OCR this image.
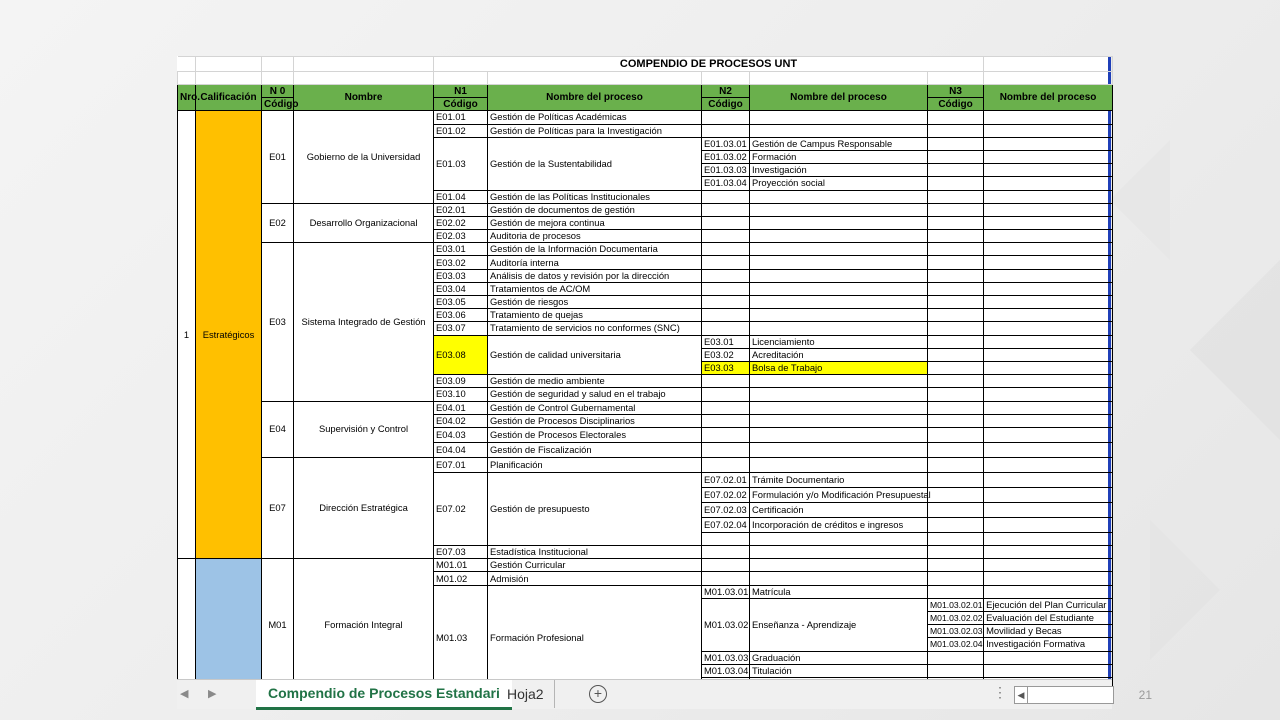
				COMPENDIO DE PROCESOS UNT					

Nro.	Calificación	N 0	Nombre	N1	Nombre del proceso	N2	Nombre del proceso	N3	Nombre del proceso
		Código		Código		Código		Código	
1	Estratégicos	E01	Gobierno de la Universidad	E01.01	Gestión de Políticas Académicas				
				E01.02	Gestión de Políticas para la Investigación				
				E01.03	Gestión de la Sustentabilidad	E01.03.01	Gestión de Campus Responsable		
						E01.03.02	Formación		
						E01.03.03	Investigación		
						E01.03.04	Proyección social		
				E01.04	Gestión de las Políticas Institucionales				
		E02	Desarrollo Organizacional	E02.01	Gestión de documentos de gestión				
				E02.02	Gestión de mejora continua				
				E02.03	Auditoria de procesos				
		E03	Sistema Integrado de Gestión	E03.01	Gestión de la Información Documentaria				
				E03.02	Auditoría interna				
				E03.03	Análisis de datos y revisión por la dirección				
				E03.04	Tratamientos de AC/OM				
				E03.05	Gestión de riesgos				
				E03.06	Tratamiento de quejas				
				E03.07	Tratamiento de servicios no conformes (SNC)				
				E03.08	Gestión de calidad universitaria	E03.01	Licenciamiento		
						E03.02	Acreditación		
						E03.03	Bolsa de Trabajo		
				E03.09	Gestión de medio ambiente				
				E03.10	Gestión de seguridad y salud en el trabajo				
		E04	Supervisión y Control	E04.01	Gestión de Control Gubernamental				
				E04.02	Gestión de Procesos Disciplinarios				
				E04.03	Gestión de Procesos Electorales				
				E04.04	Gestión de Fiscalización				
		E07	Dirección Estratégica	E07.01	Planificación				
				E07.02	Gestión de presupuesto	E07.02.01	Trámite Documentario		
						E07.02.02	Formulación y/o Modificación Presupuestal		
						E07.02.03	Certificación		
						E07.02.04	Incorporación de créditos e ingresos		

				E07.03	Estadística Institucional				
		M01	Formación Integral	M01.01	Gestión Curricular				
				M01.02	Admisión				
				M01.03	Formación Profesional	M01.03.01	Matrícula		
						M01.03.02	Enseñanza - Aprendizaje	M01.03.02.01	Ejecución del Plan Curricular
								M01.03.02.02	Evaluación del Estudiante
								M01.03.02.03	Movilidad y Becas
								M01.03.02.04	Investigación Formativa
						M01.03.03	Graduación		
						M01.03.04	Titulación		

◀ ▶	Compendio de Procesos Estandari Hoja2	+	⋮ ◀	21
